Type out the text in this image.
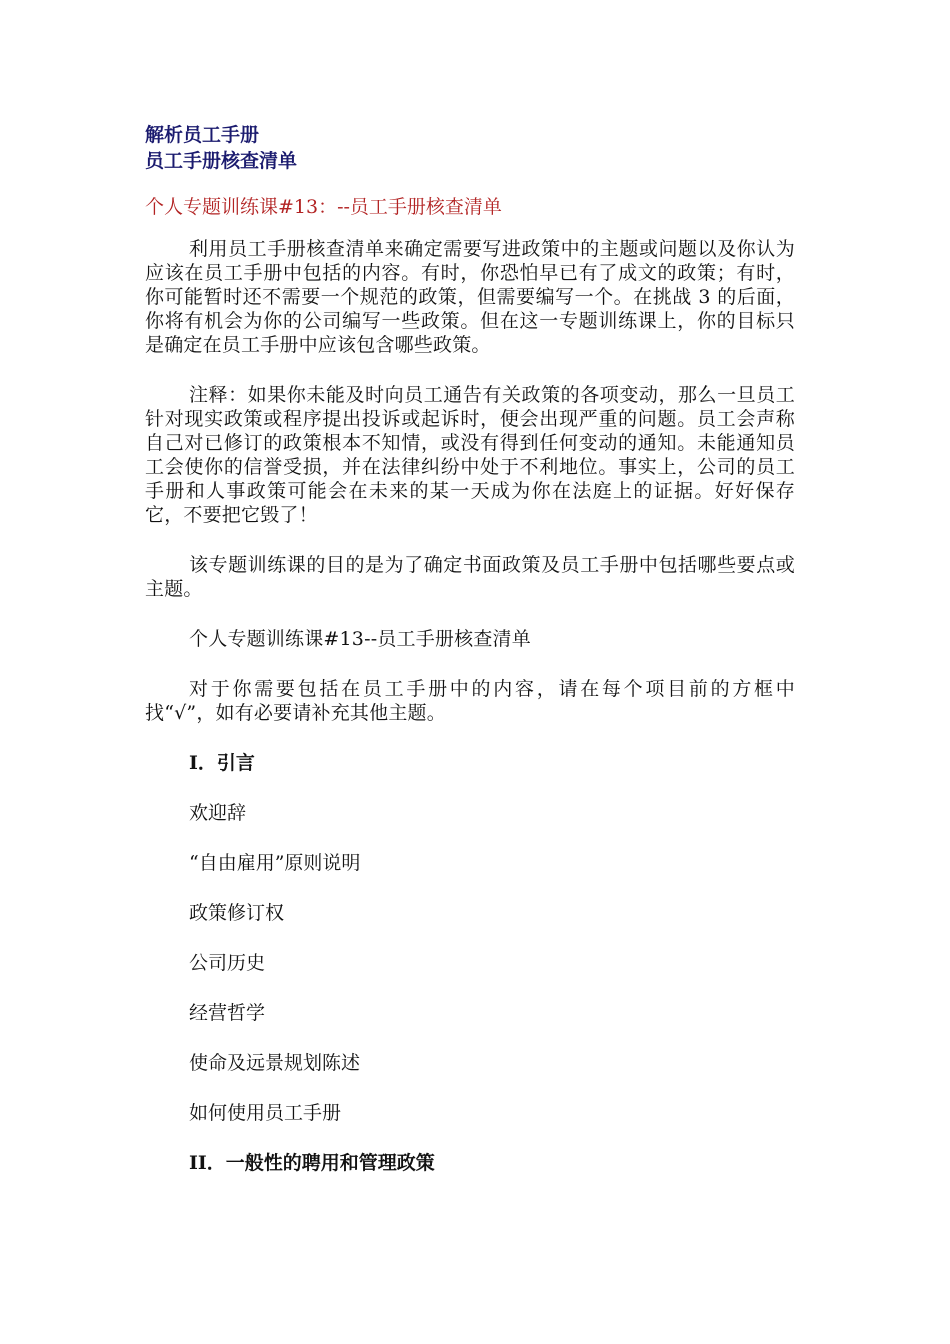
解析员工手册

员工手册核查清单

个人专题训练课#13：--员工手册核查清单

利用员工手册核查清单来确定需要写进政策中的主题或问题以及你认为应该在员工手册中包括的内容。有时，你恐怕早已有了成文的政策；有时，你可能暂时还不需要一个规范的政策，但需要编写一个。在挑战 3 的后面，你将有机会为你的公司编写一些政策。但在这一专题训练课上，你的目标只是确定在员工手册中应该包含哪些政策。

注释：如果你未能及时向员工通告有关政策的各项变动，那么一旦员工针对现实政策或程序提出投诉或起诉时，便会出现严重的问题。员工会声称自己对已修订的政策根本不知情，或没有得到任何变动的通知。未能通知员工会使你的信誉受损，并在法律纠纷中处于不利地位。事实上，公司的员工手册和人事政策可能会在未来的某一天成为你在法庭上的证据。好好保存它，不要把它毁了！

该专题训练课的目的是为了确定书面政策及员工手册中包括哪些要点或主题。

个人专题训练课#13--员工手册核查清单

对于你需要包括在员工手册中的内容，请在每个项目前的方框中找“√”，如有必要请补充其他主题。

I．引言

欢迎辞

“自由雇用”原则说明

政策修订权

公司历史

经营哲学

使命及远景规划陈述

如何使用员工手册

II．一般性的聘用和管理政策
